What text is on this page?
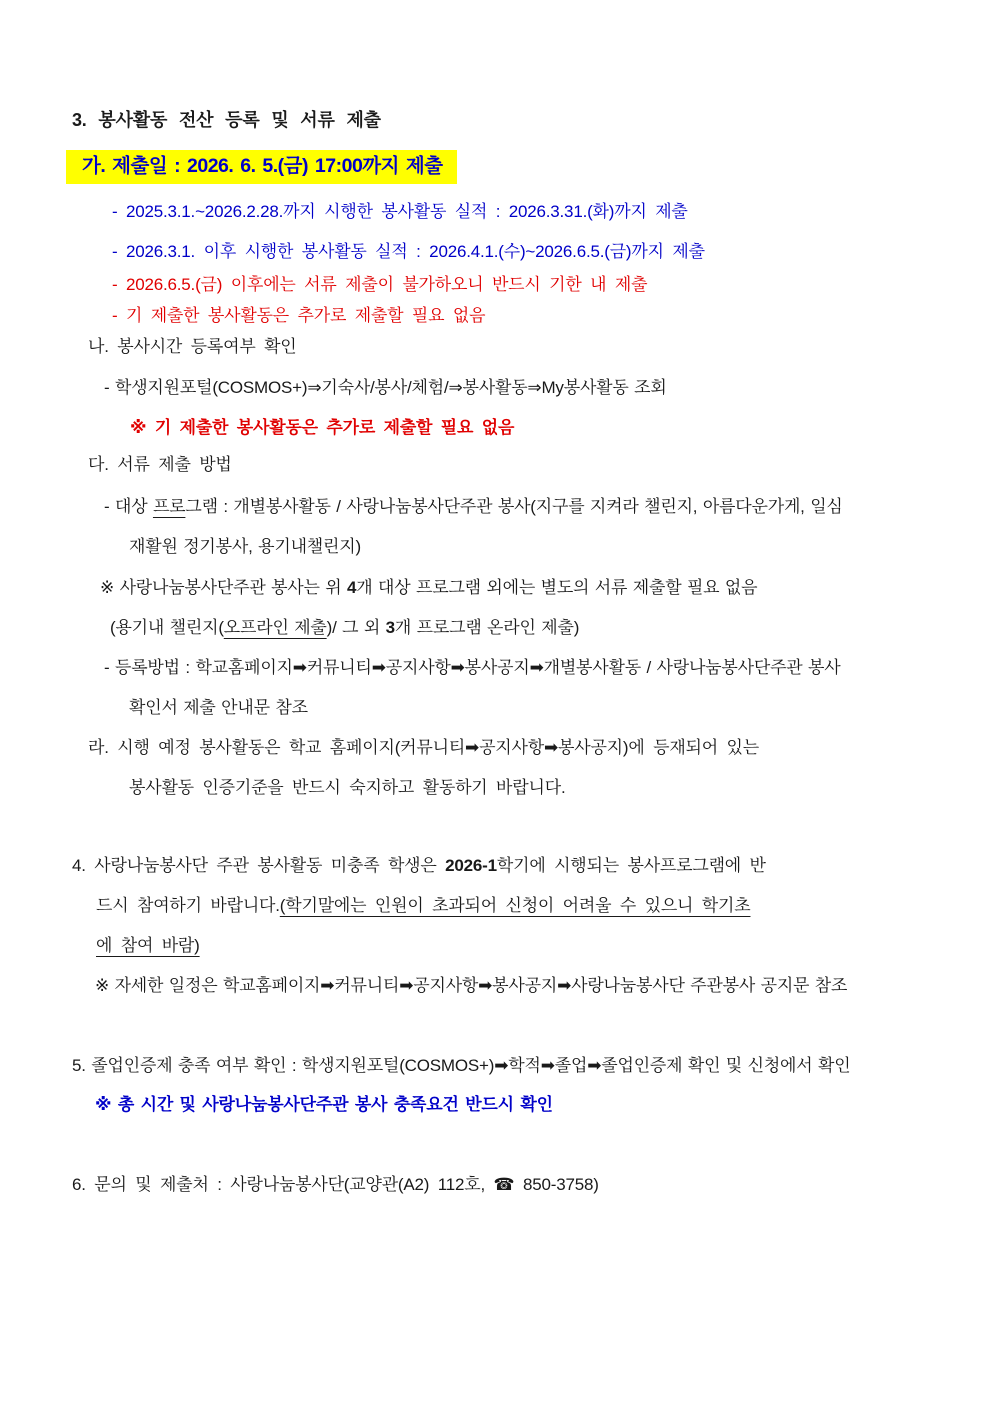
3. 봉사활동 전산 등록 및 서류 제출
가. 제출일 : 2026. 6. 5.(금) 17:00까지 제출
- 2025.3.1.~2026.2.28.까지 시행한 봉사활동 실적 : 2026.3.31.(화)까지 제출
- 2026.3.1. 이후 시행한 봉사활동 실적 : 2026.4.1.(수)~2026.6.5.(금)까지 제출
- 2026.6.5.(금) 이후에는 서류 제출이 불가하오니 반드시 기한 내 제출
- 기 제출한 봉사활동은 추가로 제출할 필요 없음
나. 봉사시간 등록여부 확인
- 학생지원포털(COSMOS+)⇒기숙사/봉사/체험/⇒봉사활동⇒My봉사활동 조회
※ 기 제출한 봉사활동은 추가로 제출할 필요 없음
다. 서류 제출 방법
- 대상 프로그램 : 개별봉사활동 / 사랑나눔봉사단주관 봉사(지구를 지켜라 챌린지, 아름다운가게, 일심
재활원 정기봉사, 용기내챌린지)
※ 사랑나눔봉사단주관 봉사는 위 4개 대상 프로그램 외에는 별도의 서류 제출할 필요 없음
(용기내 챌린지(오프라인 제출)/ 그 외 3개 프로그램 온라인 제출)
- 등록방법 : 학교홈페이지➡커뮤니티➡공지사항➡봉사공지➡개별봉사활동 / 사랑나눔봉사단주관 봉사
확인서 제출 안내문 참조
라. 시행 예정 봉사활동은 학교 홈페이지(커뮤니티➡공지사항➡봉사공지)에 등재되어 있는
봉사활동 인증기준을 반드시 숙지하고 활동하기 바랍니다.
4. 사랑나눔봉사단 주관 봉사활동 미충족 학생은 2026-1학기에 시행되는 봉사프로그램에 반
드시 참여하기 바랍니다.(학기말에는 인원이 초과되어 신청이 어려울 수 있으니 학기초
에 참여 바람)
※ 자세한 일정은 학교홈페이지➡커뮤니티➡공지사항➡봉사공지➡사랑나눔봉사단 주관봉사 공지문 참조
5. 졸업인증제 충족 여부 확인 : 학생지원포털(COSMOS+)➡학적➡졸업➡졸업인증제 확인 및 신청에서 확인
※ 총 시간 및 사랑나눔봉사단주관 봉사 충족요건 반드시 확인
6. 문의 및 제출처 : 사랑나눔봉사단(교양관(A2) 112호, ☎ 850-3758)
